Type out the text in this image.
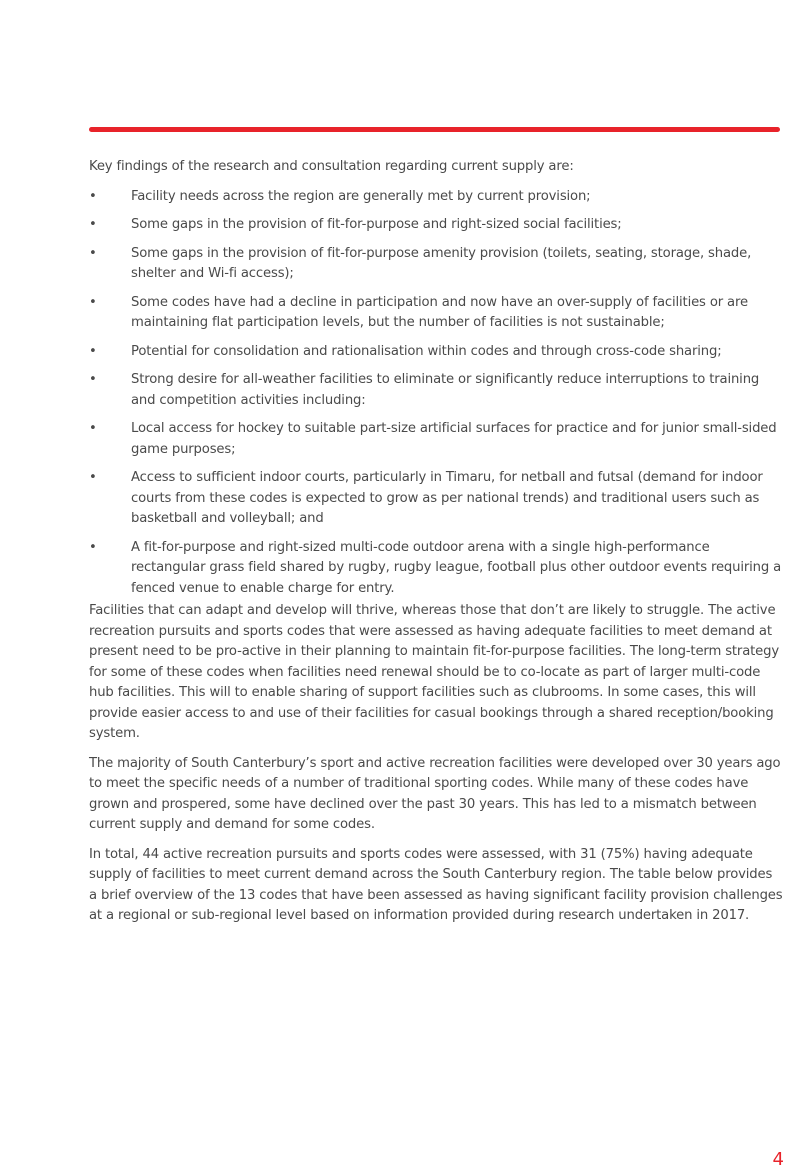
Key findings of the research and consultation regarding current supply are:

•	Facility needs across the region are generally met by current provision;
•	Some gaps in the provision of fit-for-purpose and right-sized social facilities;
•	Some gaps in the provision of fit-for-purpose amenity provision (toilets, seating, storage, shade, shelter and Wi-fi access);
•	Some codes have had a decline in participation and now have an over-supply of facilities or are maintaining flat participation levels, but the number of facilities is not sustainable;
•	Potential for consolidation and rationalisation within codes and through cross-code sharing;
•	Strong desire for all-weather facilities to eliminate or significantly reduce interruptions to training and competition activities including:
•	Local access for hockey to suitable part-size artificial surfaces for practice and for junior small-sided game purposes;
•	Access to sufficient indoor courts, particularly in Timaru, for netball and futsal (demand for indoor courts from these codes is expected to grow as per national trends) and traditional users such as basketball and volleyball; and
•	A fit-for-purpose and right-sized multi-code outdoor arena with a single high-performance rectangular grass field shared by rugby, rugby league, football plus other outdoor events requiring a fenced venue to enable charge for entry.

Facilities that can adapt and develop will thrive, whereas those that don’t are likely to struggle. The active recreation pursuits and sports codes that were assessed as having adequate facilities to meet demand at present need to be pro-active in their planning to maintain fit-for-purpose facilities. The long-term strategy for some of these codes when facilities need renewal should be to co-locate as part of larger multi-code hub facilities. This will to enable sharing of support facilities such as clubrooms. In some cases, this will provide easier access to and use of their facilities for casual bookings through a shared reception/booking system.

The majority of South Canterbury’s sport and active recreation facilities were developed over 30 years ago to meet the specific needs of a number of traditional sporting codes. While many of these codes have grown and prospered, some have declined over the past 30 years. This has led to a mismatch between current supply and demand for some codes.

In total, 44 active recreation pursuits and sports codes were assessed, with 31 (75%) having adequate supply of facilities to meet current demand across the South Canterbury region. The table below provides a brief overview of the 13 codes that have been assessed as having significant facility provision challenges at a regional or sub-regional level based on information provided during research undertaken in 2017.

4
